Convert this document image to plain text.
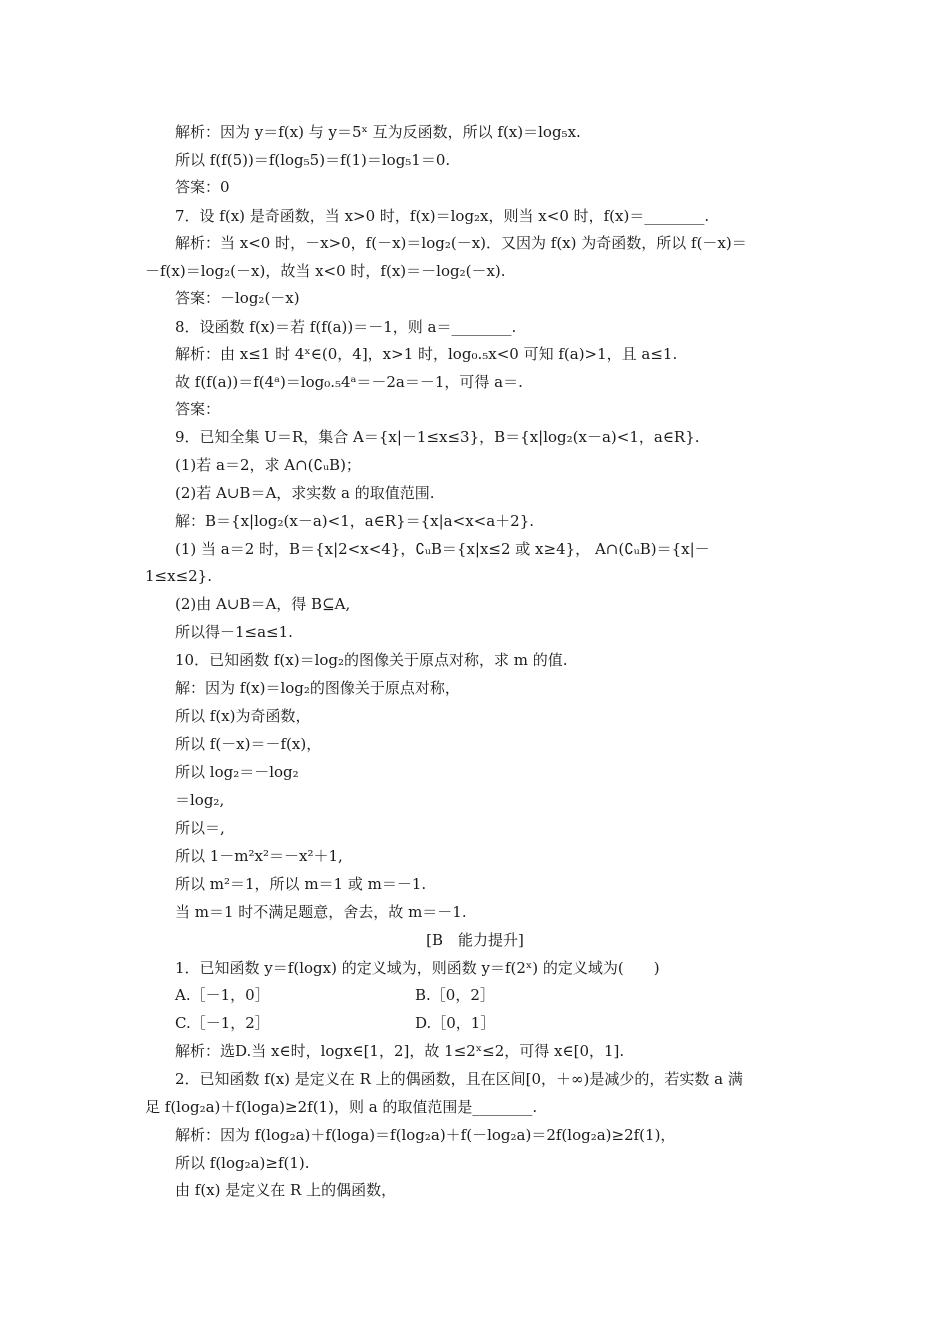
解析：因为 y＝f(x) 与 y＝5ˣ 互为反函数，所以 f(x)＝log₅x.
所以 f(f(5))＝f(log₅5)＝f(1)＝log₅1＝0.
答案：0
7．设 f(x) 是奇函数，当 x>0 时，f(x)＝log₂x，则当 x<0 时，f(x)＝________.
解析：当 x<0 时，－x>0，f(－x)＝log₂(－x)．又因为 f(x) 为奇函数，所以 f(－x)＝
－f(x)＝log₂(－x)，故当 x<0 时，f(x)＝－log₂(－x).
答案：－log₂(－x)
8．设函数 f(x)＝若 f(f(a))＝－1，则 a＝________.
解析：由 x≤1 时 4ˣ∈(0，4]，x>1 时，log₀.₅x<0 可知 f(a)>1，且 a≤1.
故 f(f(a))＝f(4ᵃ)＝log₀.₅4ᵃ＝－2a＝－1，可得 a＝.
答案：
9．已知全集 U＝R，集合 A＝{x|－1≤x≤3}，B＝{x|log₂(x－a)<1，a∈R}.
(1)若 a＝2，求 A∩(∁ᵤB)；
(2)若 A∪B＝A，求实数 a 的取值范围.
解：B＝{x|log₂(x－a)<1，a∈R}＝{x|a<x<a＋2}.
(1) 当 a＝2 时，B＝{x|2<x<4}，∁ᵤB＝{x|x≤2 或 x≥4}， A∩(∁ᵤB)＝{x|－
1≤x≤2}.
(2)由 A∪B＝A，得 B⊆A,
所以得－1≤a≤1.
10．已知函数 f(x)＝log₂的图像关于原点对称，求 m 的值.
解：因为 f(x)＝log₂的图像关于原点对称，
所以 f(x)为奇函数，
所以 f(－x)＝－f(x)，
所以 log₂＝－log₂
＝log₂,
所以＝,
所以 1－m²x²＝－x²＋1,
所以 m²＝1，所以 m＝1 或 m＝－1.
当 m＝1 时不满足题意，舍去，故 m＝－1.
[B　能力提升]
1．已知函数 y＝f(logx) 的定义域为，则函数 y＝f(2ˣ) 的定义域为(　　)
A.［－1，0］	B.［0，2］
C.［－1，2］	D.［0，1］
解析：选D.当 x∈时，logx∈[1，2]，故 1≤2ˣ≤2，可得 x∈[0，1].
2．已知函数 f(x) 是定义在 R 上的偶函数，且在区间[0，＋∞)是减少的，若实数 a 满
足 f(log₂a)＋f(loga)≥2f(1)，则 a 的取值范围是________.
解析：因为 f(log₂a)＋f(loga)＝f(log₂a)＋f(－log₂a)＝2f(log₂a)≥2f(1)，
所以 f(log₂a)≥f(1).
由 f(x) 是定义在 R 上的偶函数，
